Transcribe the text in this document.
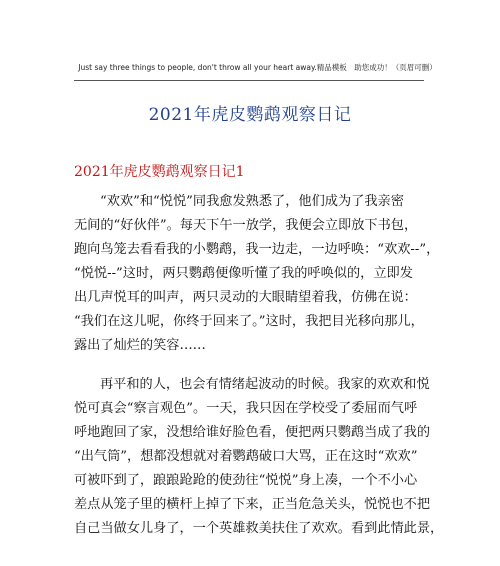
Just say three things to people, don't throw all your heart away.精品模板　助您成功！（页眉可删）
2021年虎皮鹦鹉观察日记
2021年虎皮鹦鹉观察日记1

“欢欢”和“悦悦”同我愈发熟悉了，他们成为了我亲密
无间的“好伙伴”。每天下午一放学，我便会立即放下书包，
跑向鸟笼去看看我的小鹦鹉，我一边走，一边呼唤：“欢欢--”，
“悦悦--”这时，两只鹦鹉便像听懂了我的呼唤似的，立即发
出几声悦耳的叫声，两只灵动的大眼睛望着我，仿佛在说：
“我们在这儿呢，你终于回来了。”这时，我把目光移向那儿，
露出了灿烂的笑容……

再平和的人，也会有情绪起波动的时候。我家的欢欢和悦
悦可真会“察言观色”。一天，我只因在学校受了委屈而气呼
呼地跑回了家，没想给谁好脸色看，便把两只鹦鹉当成了我的
“出气筒”，想都没想就对着鹦鹉破口大骂，正在这时“欢欢”
可被吓到了，踉踉跄跄的使劲往“悦悦”身上凑，一个不小心
差点从笼子里的横杆上掉了下来，正当危急关头，悦悦也不把
自己当做女儿身了，一个英雄救美扶住了欢欢。看到此情此景，
